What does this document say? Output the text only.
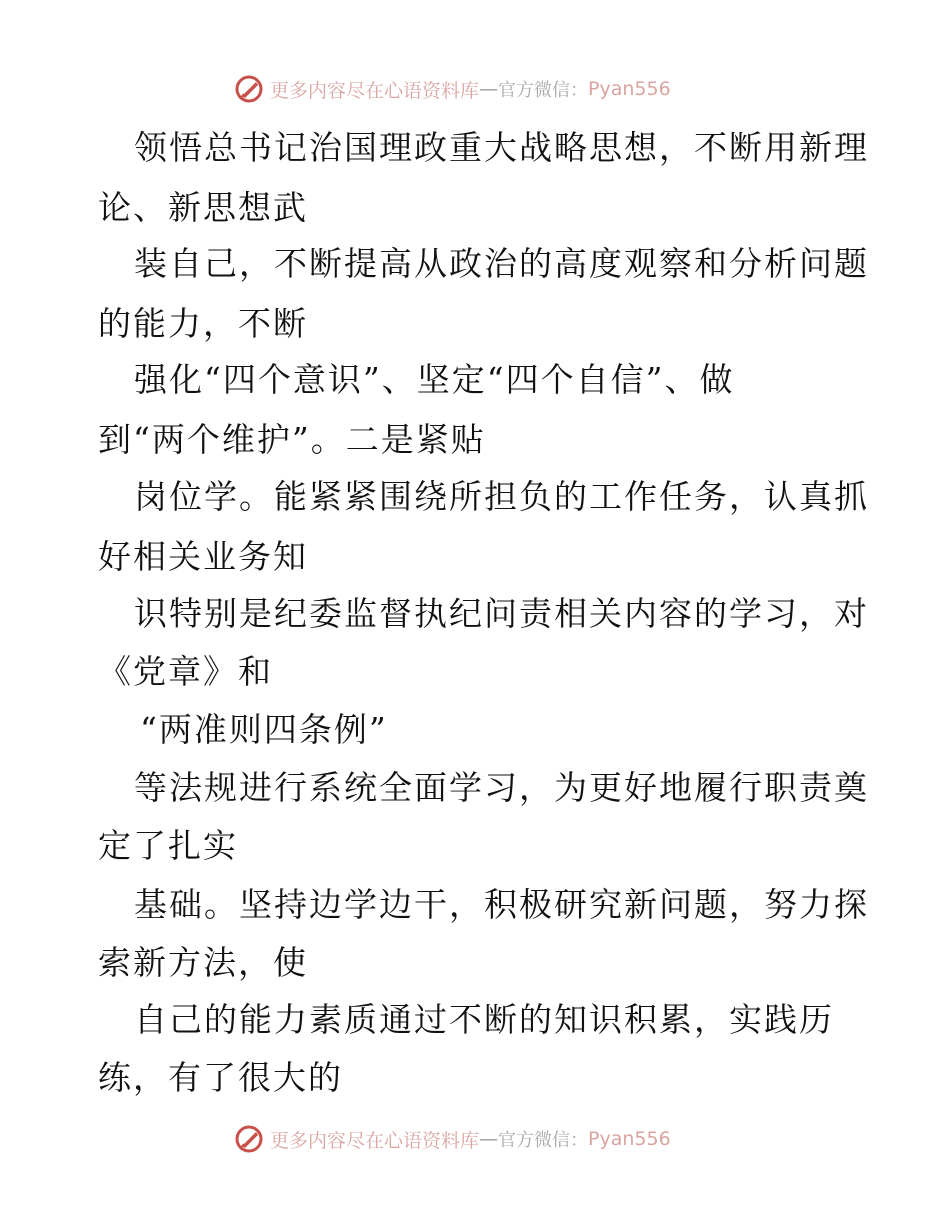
更多内容尽在心语资料库 — 官方微信： Pyan556
领悟总书记治国理政重大战略思想，不断用新理
论、新思想武
装自己，不断提高从政治的高度观察和分析问题
的能力，不断
强化“四个意识”、坚定“四个自信”、做
到“两个维护”。二是紧贴
岗位学。能紧紧围绕所担负的工作任务，认真抓
好相关业务知
识特别是纪委监督执纪问责相关内容的学习，对
《党章》和
“两准则四条例”
等法规进行系统全面学习，为更好地履行职责奠
定了扎实
基础。坚持边学边干，积极研究新问题，努力探
索新方法，使
自己的能力素质通过不断的知识积累，实践历
练，有了很大的
更多内容尽在心语资料库 — 官方微信： Pyan556
